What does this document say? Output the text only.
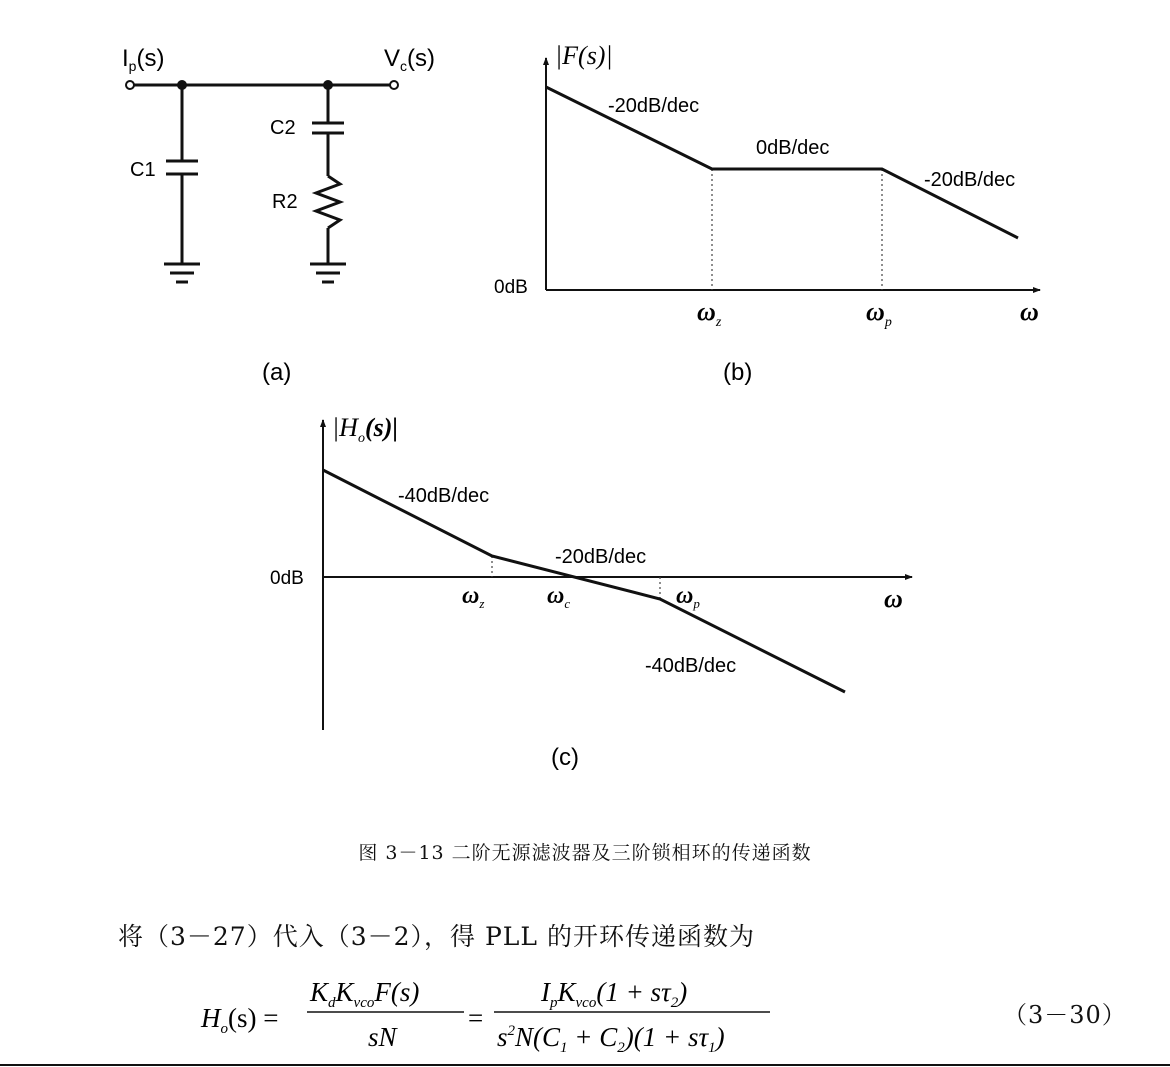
$I_p(s)$	$V_c(s)$
C1
C2
R2
(a)
|F(s)|
0dB
-20dB/dec
0dB/dec
-20dB/dec
$\omega_z$	$\omega_p$	ω
(b)
$|H_o(s)|$
0dB
-40dB/dec
-20dB/dec
-40dB/dec
$\omega_z$	$\omega_c$	$\omega_p$	ω
(c)
$H_o(s)$ =
$K_dK_{vco}F(s)$
sN
=
$I_pK_{vco}(1 + s\tau_2)$
$s^2N(C_1 + C_2)(1 + s\tau_1)$
图 3－13 二阶无源滤波器及三阶锁相环的传递函数
将（3－27）代入（3－2），得 PLL 的开环传递函数为
（3－30）
